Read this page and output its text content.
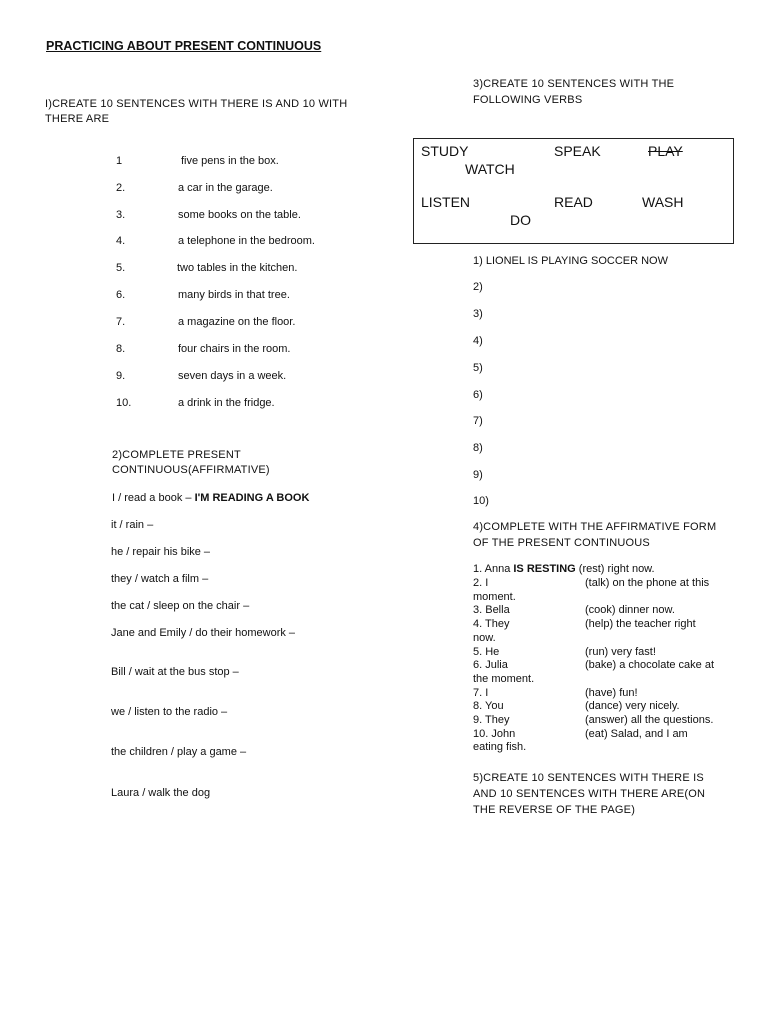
PRACTICING ABOUT PRESENT CONTINUOUS
I)CREATE 10 SENTENCES WITH THERE IS AND 10 WITH
THERE ARE
1	five pens in the box.
2.	a car in the garage.
3.	some books on the table.
4.	a telephone in the bedroom.
5.	two tables in the kitchen.
6.	many birds in that tree.
7.	a magazine on the floor.
8.	four chairs in the room.
9.	seven days in a week.
10.	a drink in the fridge.
2)COMPLETE PRESENT
CONTINUOUS(AFFIRMATIVE)
I / read a book – I'M READING A BOOK
it / rain –
he / repair his bike –
they / watch a film –
the cat / sleep on the chair –
Jane and Emily / do their homework –
Bill / wait at the bus stop –
we / listen to the radio –
the children / play a game –
Laura / walk the dog
3)CREATE 10 SENTENCES WITH THE
FOLLOWING VERBS
STUDY	SPEAK	PLAY
WATCH
LISTEN	READ	WASH
DO
1) LIONEL IS PLAYING SOCCER NOW
2)
3)
4)
5)
6)
7)
8)
9)
10)
4)COMPLETE WITH THE AFFIRMATIVE FORM
OF THE PRESENT CONTINUOUS
1. Anna IS RESTING (rest) right now.
2. I	(talk) on the phone at this
moment.
3. Bella	(cook) dinner now.
4. They	(help) the teacher right
now.
5. He	(run) very fast!
6. Julia	(bake) a chocolate cake at
the moment.
7. I	(have) fun!
8. You	(dance) very nicely.
9. They	(answer) all the questions.
10. John	(eat) Salad, and I am
eating fish.
5)CREATE 10 SENTENCES WITH THERE IS
AND 10 SENTENCES WITH THERE ARE(ON
THE REVERSE OF THE PAGE)
